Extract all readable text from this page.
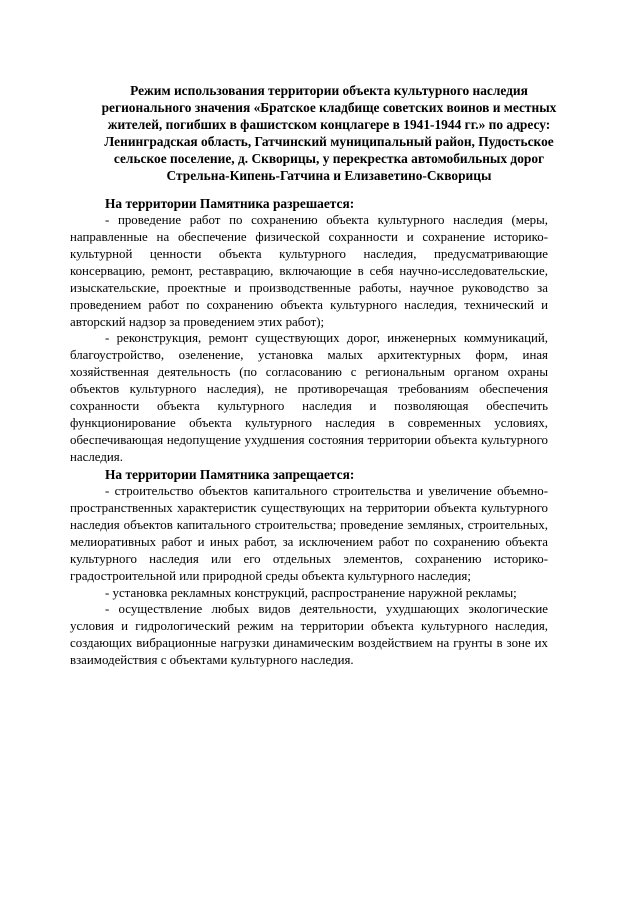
Режим использования территории объекта культурного наследия
регионального значения «Братское кладбище советских воинов и местных
жителей, погибших в фашистском концлагере в 1941-1944 гг.» по адресу:
Ленинградская область, Гатчинский муниципальный район, Пудостьское
сельское поселение, д. Скворицы, у перекрестка автомобильных дорог
Стрельна-Кипень-Гатчина и Елизаветино-Скворицы
На территории Памятника разрешается:

- проведение работ по сохранению объекта культурного наследия (меры, направленные на обеспечение физической сохранности и сохранение историко-культурной ценности объекта культурного наследия, предусматривающие консервацию, ремонт, реставрацию, включающие в себя научно-исследовательские, изыскательские, проектные и производственные работы, научное руководство за проведением работ по сохранению объекта культурного наследия, технический и авторский надзор за проведением этих работ);

- реконструкция, ремонт существующих дорог, инженерных коммуникаций, благоустройство, озеленение, установка малых архитектурных форм, иная хозяйственная деятельность (по согласованию с региональным органом охраны объектов культурного наследия), не противоречащая требованиям обеспечения сохранности объекта культурного наследия и позволяющая обеспечить функционирование объекта культурного наследия в современных условиях, обеспечивающая недопущение ухудшения состояния территории объекта культурного наследия.

На территории Памятника запрещается:

- строительство объектов капитального строительства и увеличение объемно-пространственных характеристик существующих на территории объекта культурного наследия объектов капитального строительства; проведение земляных, строительных, мелиоративных работ и иных работ, за исключением работ по сохранению объекта культурного наследия или его отдельных элементов, сохранению историко-градостроительной или природной среды объекта культурного наследия;

- установка рекламных конструкций, распространение наружной рекламы;

- осуществление любых видов деятельности, ухудшающих экологические условия и гидрологический режим на территории объекта культурного наследия, создающих вибрационные нагрузки динамическим воздействием на грунты в зоне их взаимодействия с объектами культурного наследия.
